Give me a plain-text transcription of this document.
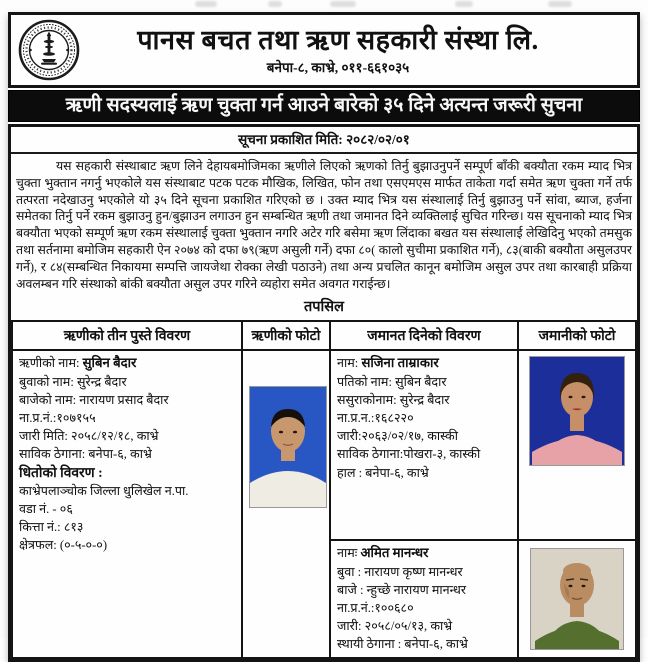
पानस बचत तथा ऋण सहकारी संस्था लि.
बनेपा-८, काभ्रे, ०११-६६१०३५
ऋणी सदस्यलाई ऋण चुक्ता गर्न आउने बारेको ३५ दिने अत्यन्त जरूरी सुचना
सूचना प्रकाशित मिति: २०८२/०२/०१
यस सहकारी संस्थाबाट ऋण लिने देहायबमोजिमका ऋणीले लिएको ऋणको तिर्नु बुझाउनुपर्ने सम्पूर्ण बाँकी बक्यौता रकम म्याद भित्र चुक्ता भुक्तान नगर्नु भएकोले यस संस्थाबाट पटक पटक मौखिक, लिखित, फोन तथा एसएमएस मार्फत ताकेता गर्दा समेत ऋण चुक्ता गर्ने तर्फ तत्परता नदेखाउनु भएकोले यो ३५ दिने सूचना प्रकाशित गरिएको छ । उक्त म्याद भित्र यस संस्थालाई तिर्नु बुझाउनु पर्ने सांवा, ब्याज, हर्जना समेतका तिर्नु पर्ने रकम बुझाउनु हुन/बुझाउन लगाउन हुन सम्बन्धित ऋणी तथा जमानत दिने व्यक्तिलाई सुचित गरिन्छ। यस सूचनाको म्याद भित्र बक्यौता भएको सम्पूर्ण ऋण रकम संस्थालाई चुक्ता भुक्तान नगरि अटेर गरि बसेमा ऋण लिंदाका बखत यस संस्थालाई लेखिदिनु भएको तमसुक तथा सर्तनामा बमोजिम सहकारी ऐन २०७४ को दफा ७९(ऋण असुली गर्ने) दफा ८०( कालो सुचीमा प्रकाशित गर्ने), ८३(बाकी बक्यौता असुलउपर गर्ने), र ८४(सम्बन्धित निकायमा सम्पत्ति जायजेथा रोक्का लेखी पठाउने) तथा अन्य प्रचलित कानून बमोजिम असुल उपर तथा कारबाही प्रक्रिया अवलम्बन गरि संस्थाको बांकी बक्यौता असुल उपर गरिने व्यहोरा समेत अवगत गराईन्छ।
तपसिल
ऋणीको तीन पुस्ते विवरण	ऋणीको फोटो	जमानत दिनेको विवरण	जमानीको फोटो

ऋणीको नाम: सुबिन बैदार
बुवाको नाम: सुरेन्द्र बैदार
बाजेको नाम: नारायण प्रसाद बैदार
ना.प्र.नं.:१०७१५५
जारी मिति: २०५८/१२/१८, काभ्रे
साविक ठेगाना: बनेपा-६, काभ्रे
धितोको विवरण :
काभ्रेपलाञ्चोक जिल्ला धुलिखेल न.पा.
वडा नं. - ०६
कित्ता नं.: ८१३
क्षेत्रफल: (०-५-०-०)

नाम: सजिना ताम्राकार
पतिको नाम: सुबिन बैदार
ससुराकोनाम: सुरेन्द्र बैदार
ना.प्र.न.:१६८२२०
जारी:२०६३/०२/१७, कास्की
साविक ठेगाना:पोखरा-३, कास्की
हाल : बनेपा-६, काभ्रे

नामः अमित मानन्धर
बुवा : नारायण कृष्ण मानन्धर
बाजे : न्हुच्छे नारायण मानन्धर
ना.प्र.नं.:१००६८०
जारी: २०५८/०५/१३, काभ्रे
स्थायी ठेगाना : बनेपा-६, काभ्रे
